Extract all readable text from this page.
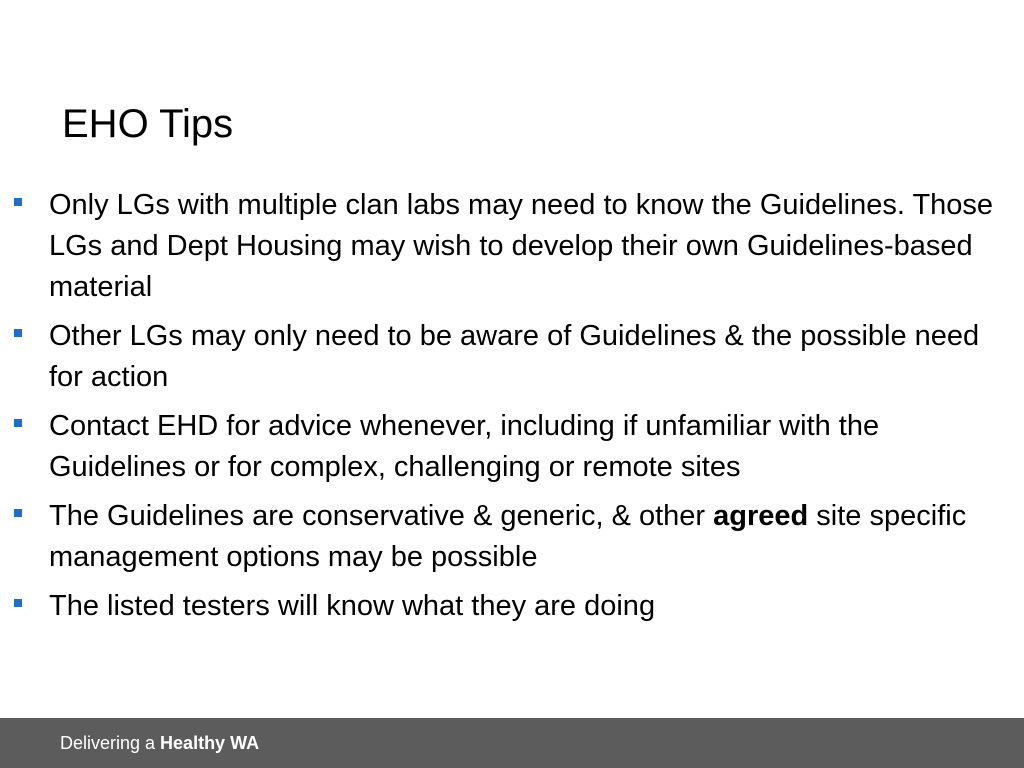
EHO Tips
Only LGs with multiple clan labs may need to know the Guidelines. Those LGs and Dept Housing may wish to develop their own Guidelines-based material
Other LGs may only need to be aware of Guidelines & the possible need for action
Contact EHD for advice whenever, including if unfamiliar with the Guidelines or for complex, challenging or remote sites
The Guidelines are conservative & generic, & other agreed site specific management options may be possible
The listed testers will know what they are doing
Delivering a Healthy WA
